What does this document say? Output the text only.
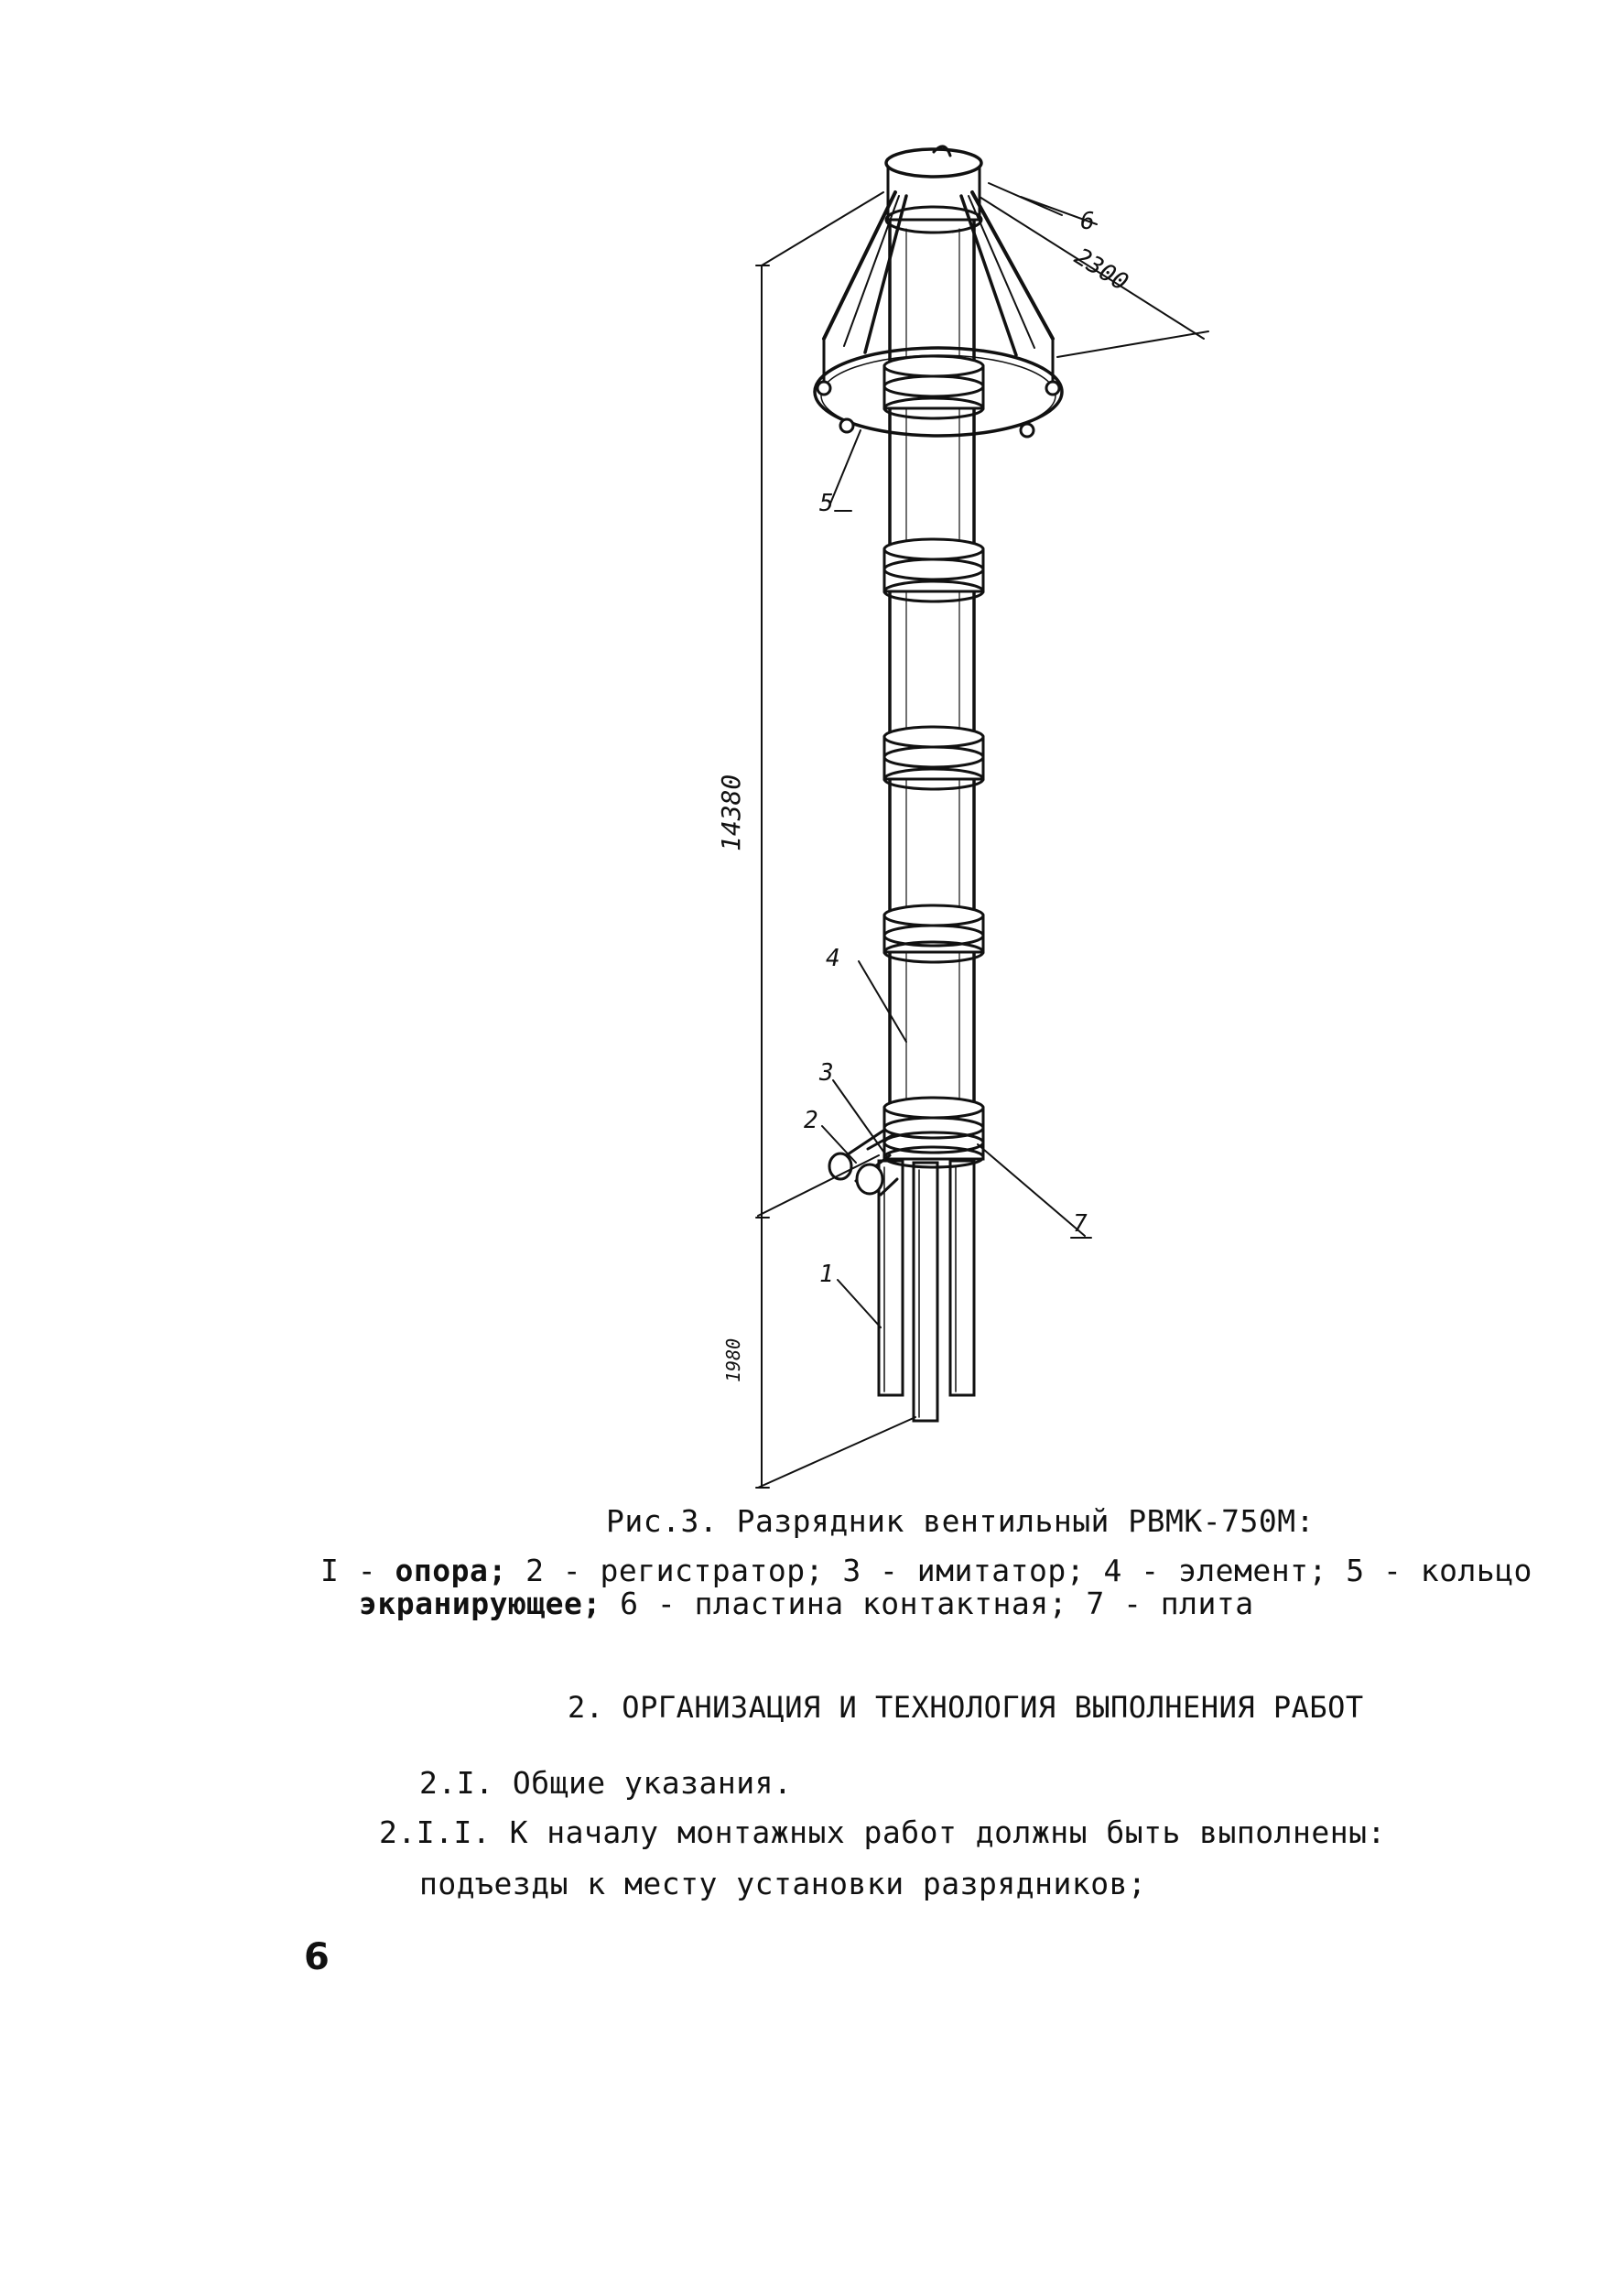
2300
14380
1980
6
5
4
3
2
7
1
Рис.3. Разрядник вентильный РВМК-750М:
I - опора; 2 - регистратор; 3 - имитатор; 4 - элемент; 5 - кольцо
экранирующее; 6 - пластина контактная; 7 - плита
2. ОРГАНИЗАЦИЯ И ТЕХНОЛОГИЯ ВЫПОЛНЕНИЯ РАБОТ
2.I. Общие указания.
2.I.I. К началу монтажных работ должны быть выполнены:
подъезды к месту установки разрядников;
6
